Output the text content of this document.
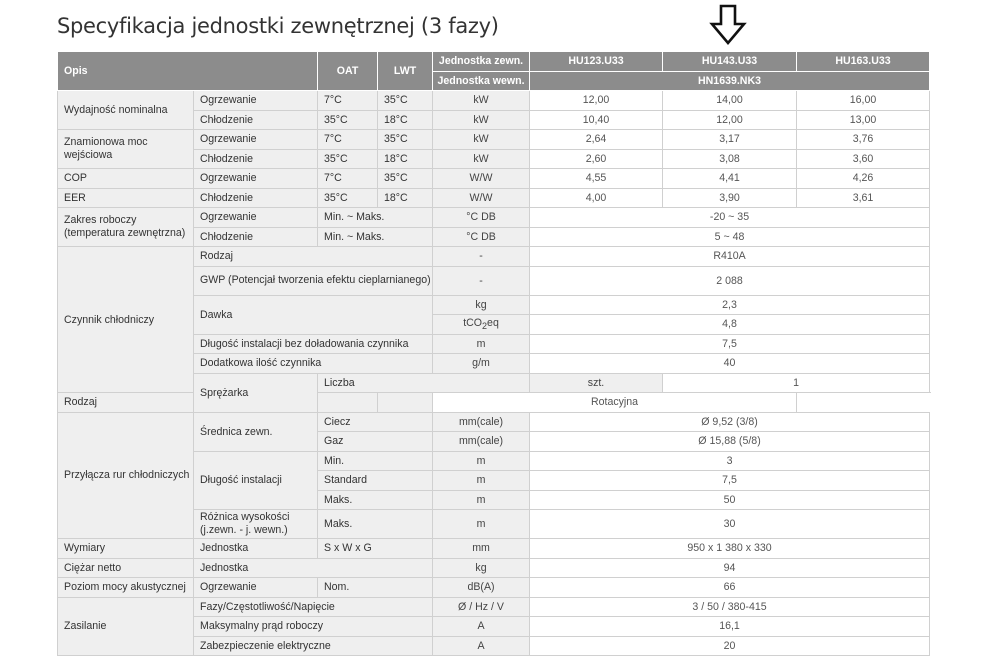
Specyfikacja jednostki zewnętrznej (3 fazy)
Opis		OAT	LWT	Jednostka zewn.	HU123.U33	HU143.U33	HU163.U33
				Jednostka wewn.	HN1639.NK3		
Wydajność nominalna	Ogrzewanie	7°C	35°C	kW	12,00	14,00	16,00
	Chłodzenie	35°C	18°C	kW	10,40	12,00	13,00
Znamionowa moc wejściowa	Ogrzewanie	7°C	35°C	kW	2,64	3,17	3,76
	Chłodzenie	35°C	18°C	kW	2,60	3,08	3,60
COP	Ogrzewanie	7°C	35°C	W/W	4,55	4,41	4,26
EER	Chłodzenie	35°C	18°C	W/W	4,00	3,90	3,61
Zakres roboczy (temperatura zewnętrzna)	Ogrzewanie	Min. ~ Maks.		°C DB	-20 ~ 35		
	Chłodzenie	Min. ~ Maks.		°C DB	5 ~ 48		
Czynnik chłodniczy	Rodzaj			-	R410A		
	GWP (Potencjał tworzenia efektu cieplarnianego)			-	2 088		
	Dawka			kg	2,3		
				tCO$_2$eq	4,8		
	Długość instalacji bez doładowania czynnika			m	7,5		
	Dodatkowa ilość czynnika			g/m	40		
	Sprężarka	Liczba			szt.	1	
Rodzaj				Rotacyjna			
Przyłącza rur chłodniczych	Średnica zewn.	Ciecz		mm(cale)	Ø 9,52 (3/8)		
		Gaz		mm(cale)	Ø 15,88 (5/8)		
	Długość instalacji	Min.		m	3		
		Standard		m	7,5		
		Maks.		m	50		
	Różnica wysokości (j.zewn. - j. wewn.)	Maks.		m	30		
Wymiary	Jednostka	S x W x G		mm	950 x 1 380 x 330		
Ciężar netto	Jednostka			kg	94		
Poziom mocy akustycznej	Ogrzewanie	Nom.		dB(A)	66		
Zasilanie	Fazy/Częstotliwość/Napięcie			Ø / Hz / V	3 / 50 / 380-415		
	Maksymalny prąd roboczy			A	16,1		
	Zabezpieczenie elektryczne			A	20		
